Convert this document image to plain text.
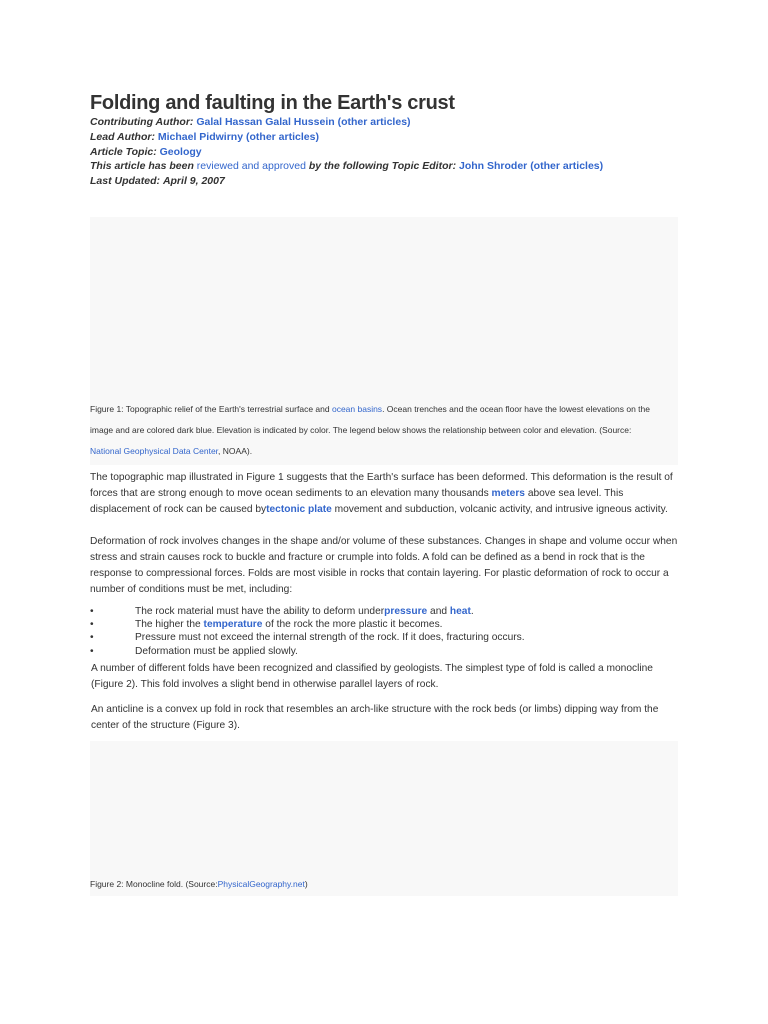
Folding and faulting in the Earth's crust
Contributing Author: Galal Hassan Galal Hussein (other articles)
Lead Author: Michael Pidwirny (other articles)
Article Topic: Geology
This article has been reviewed and approved by the following Topic Editor: John Shroder (other articles)
Last Updated: April 9, 2007
Figure 1: Topographic relief of the Earth's terrestrial surface and ocean basins. Ocean trenches and the ocean floor have the lowest elevations on the image and are colored dark blue. Elevation is indicated by color. The legend below shows the relationship between color and elevation. (Source: National Geophysical Data Center, NOAA).

The topographic map illustrated in Figure 1 suggests that the Earth's surface has been deformed. This deformation is the result of forces that are strong enough to move ocean sediments to an elevation many thousands meters above sea level. This displacement of rock can be caused bytectonic plate movement and subduction, volcanic activity, and intrusive igneous activity.

Deformation of rock involves changes in the shape and/or volume of these substances. Changes in shape and volume occur when stress and strain causes rock to buckle and fracture or crumple into folds. A fold can be defined as a bend in rock that is the response to compressional forces. Folds are most visible in rocks that contain layering. For plastic deformation of rock to occur a number of conditions must be met, including:

•	The rock material must have the ability to deform underpressure and heat.
•	The higher the temperature of the rock the more plastic it becomes.
•	Pressure must not exceed the internal strength of the rock. If it does, fracturing occurs.
•	Deformation must be applied slowly.

A number of different folds have been recognized and classified by geologists. The simplest type of fold is called a monocline (Figure 2). This fold involves a slight bend in otherwise parallel layers of rock.

An anticline is a convex up fold in rock that resembles an arch-like structure with the rock beds (or limbs) dipping way from the center of the structure (Figure 3).

Figure 2: Monocline fold. (Source:PhysicalGeography.net)
